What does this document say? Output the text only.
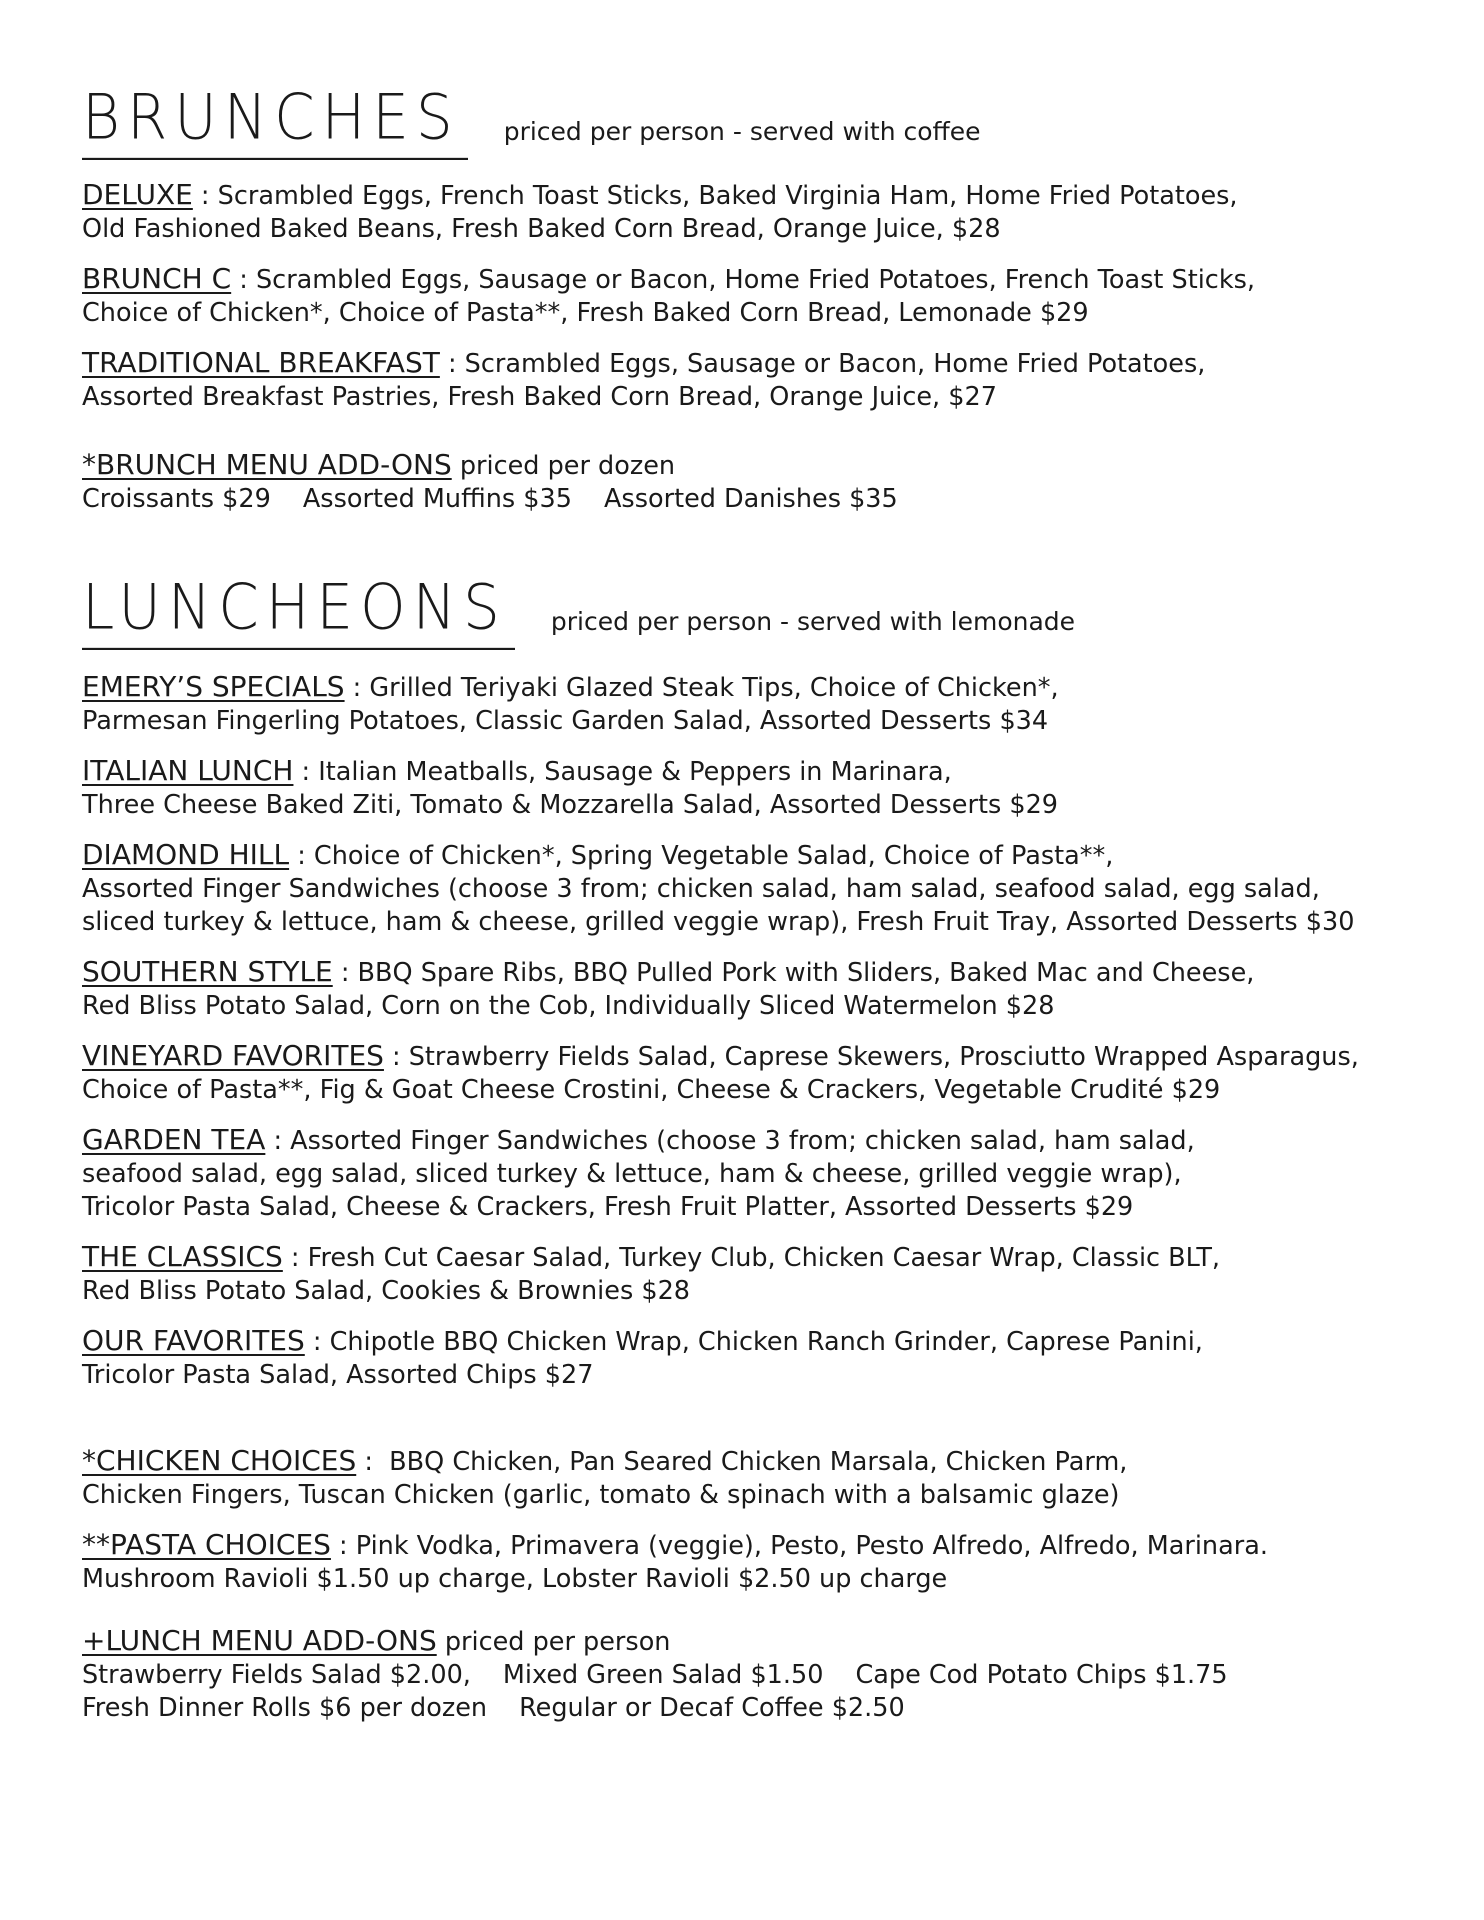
BRUNCHES	priced per person - served with coffee
DELUXE : Scrambled Eggs, French Toast Sticks, Baked Virginia Ham, Home Fried Potatoes,
Old Fashioned Baked Beans, Fresh Baked Corn Bread, Orange Juice, $28
BRUNCH C : Scrambled Eggs, Sausage or Bacon, Home Fried Potatoes, French Toast Sticks,
Choice of Chicken*, Choice of Pasta**, Fresh Baked Corn Bread, Lemonade $29
TRADITIONAL BREAKFAST : Scrambled Eggs, Sausage or Bacon, Home Fried Potatoes,
Assorted Breakfast Pastries, Fresh Baked Corn Bread, Orange Juice, $27
*BRUNCH MENU ADD-ONS priced per dozen
Croissants $29 Assorted Muffins $35 Assorted Danishes $35
LUNCHEONS	priced per person - served with lemonade
EMERY’S SPECIALS : Grilled Teriyaki Glazed Steak Tips, Choice of Chicken*,
Parmesan Fingerling Potatoes, Classic Garden Salad, Assorted Desserts $34
ITALIAN LUNCH : Italian Meatballs, Sausage & Peppers in Marinara,
Three Cheese Baked Ziti, Tomato & Mozzarella Salad, Assorted Desserts $29
DIAMOND HILL : Choice of Chicken*, Spring Vegetable Salad, Choice of Pasta**,
Assorted Finger Sandwiches (choose 3 from; chicken salad, ham salad, seafood salad, egg salad,
sliced turkey & lettuce, ham & cheese, grilled veggie wrap), Fresh Fruit Tray, Assorted Desserts $30
SOUTHERN STYLE : BBQ Spare Ribs, BBQ Pulled Pork with Sliders, Baked Mac and Cheese,
Red Bliss Potato Salad, Corn on the Cob, Individually Sliced Watermelon $28
VINEYARD FAVORITES : Strawberry Fields Salad, Caprese Skewers, Prosciutto Wrapped Asparagus,
Choice of Pasta**, Fig & Goat Cheese Crostini, Cheese & Crackers, Vegetable Crudité $29
GARDEN TEA : Assorted Finger Sandwiches (choose 3 from; chicken salad, ham salad,
seafood salad, egg salad, sliced turkey & lettuce, ham & cheese, grilled veggie wrap),
Tricolor Pasta Salad, Cheese & Crackers, Fresh Fruit Platter, Assorted Desserts $29
THE CLASSICS : Fresh Cut Caesar Salad, Turkey Club, Chicken Caesar Wrap, Classic BLT,
Red Bliss Potato Salad, Cookies & Brownies $28
OUR FAVORITES : Chipotle BBQ Chicken Wrap, Chicken Ranch Grinder, Caprese Panini,
Tricolor Pasta Salad, Assorted Chips $27
*CHICKEN CHOICES :  BBQ Chicken, Pan Seared Chicken Marsala, Chicken Parm,
Chicken Fingers, Tuscan Chicken (garlic, tomato & spinach with a balsamic glaze)
**PASTA CHOICES : Pink Vodka, Primavera (veggie), Pesto, Pesto Alfredo, Alfredo, Marinara.
Mushroom Ravioli $1.50 up charge, Lobster Ravioli $2.50 up charge
+LUNCH MENU ADD-ONS priced per person
Strawberry Fields Salad $2.00, Mixed Green Salad $1.50 Cape Cod Potato Chips $1.75
Fresh Dinner Rolls $6 per dozen Regular or Decaf Coffee $2.50
